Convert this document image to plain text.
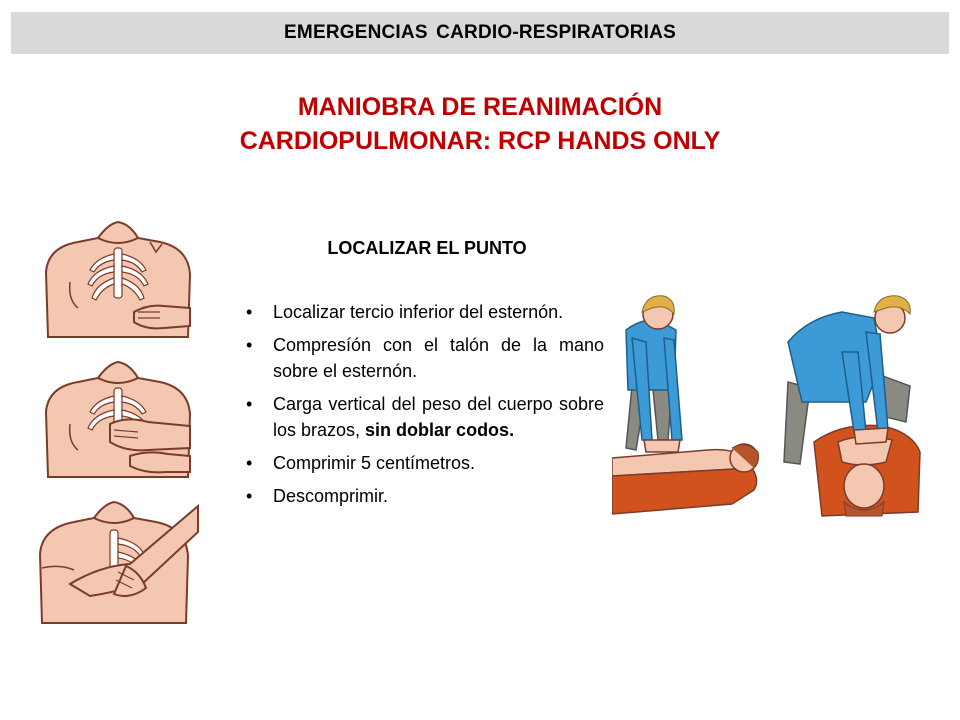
EMERGENCIAS CARDIO-RESPIRATORIAS
MANIOBRA DE REANIMACIÓN
CARDIOPULMONAR: RCP HANDS ONLY
LOCALIZAR EL PUNTO
• Localizar tercio inferior del esternón.
• Compresíón con el talón de la mano sobre el esternón.
• Carga vertical del peso del cuerpo sobre los brazos, sin doblar codos.
• Comprimir 5 centímetros.
• Descomprimir.
